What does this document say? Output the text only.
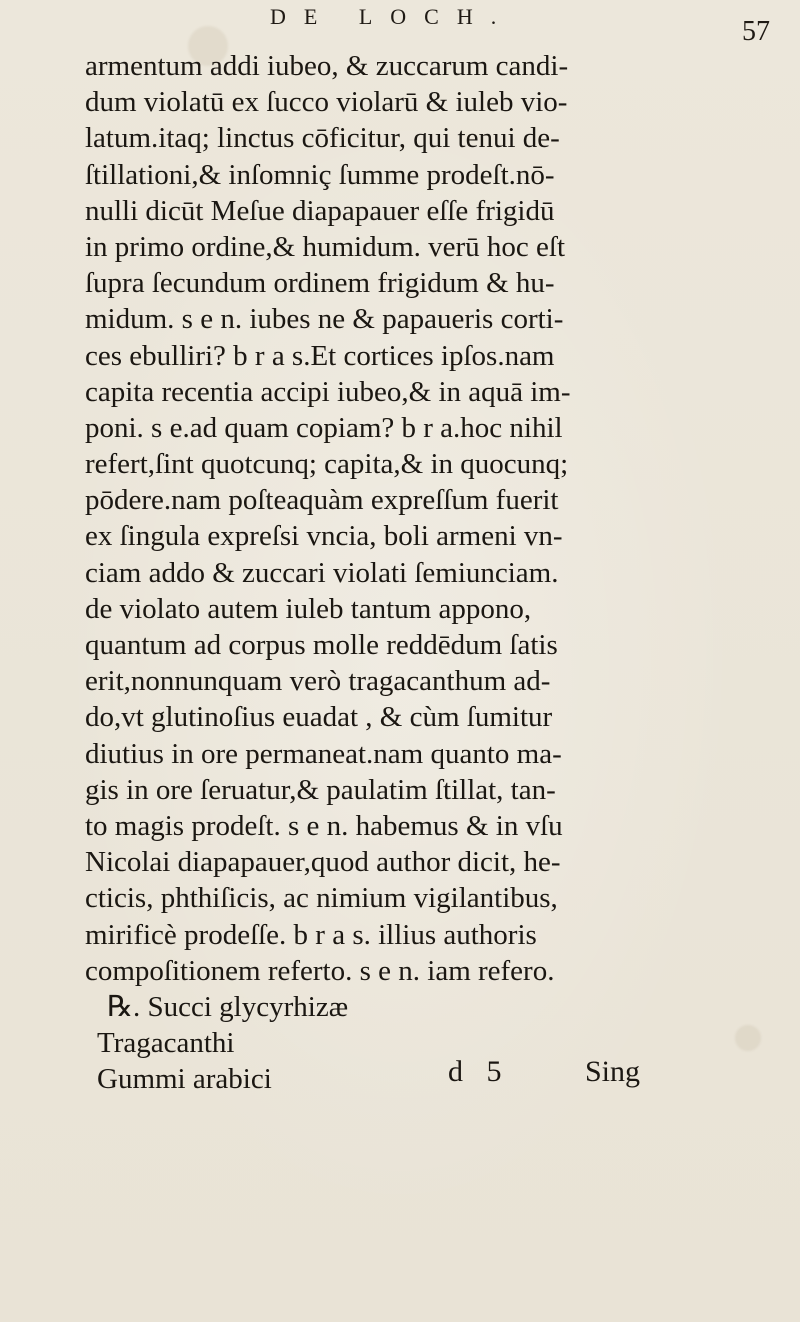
DE LOCH.	57
armentum addi iubeo, & zuccarum candi-
dum violatū ex ſucco violarū & iuleb vio-
latum.itaq; linctus cōficitur, qui tenui de-
ſtillationi,& inſomniç ſumme prodeſt.nō-
nulli dicūt Meſue diapapauer eſſe frigidū
in primo ordine,& humidum. verū hoc eſt
ſupra ſecundum ordinem frigidum & hu-
midum. s e n. iubes ne & papaueris corti-
ces ebulliri? b r a s.Et cortices ipſos.nam
capita recentia accipi iubeo,& in aquā im-
poni. s e.ad quam copiam? b r a.hoc nihil
refert,ſint quotcunq; capita,& in quocunq;
pōdere.nam poſteaquàm expreſſum fuerit
ex ſingula expreſsi vncia, boli armeni vn-
ciam addo & zuccari violati ſemiunciam.
de violato autem iuleb tantum appono,
quantum ad corpus molle reddēdum ſatis
erit,nonnunquam verò tragacanthum ad-
do,vt glutinoſius euadat , & cùm ſumitur
diutius in ore permaneat.nam quanto ma-
gis in ore ſeruatur,& paulatim ſtillat, tan-
to magis prodeſt. s e n. habemus & in vſu
Nicolai diapapauer,quod author dicit, he-
cticis, phthiſicis, ac nimium vigilantibus,
mirificè prodeſſe. b r a s. illius authoris
compoſitionem referto. s e n. iam refero.
℞. Succi glycyrhizæ
Tragacanthi
Gummi arabici	d 5	Sing
